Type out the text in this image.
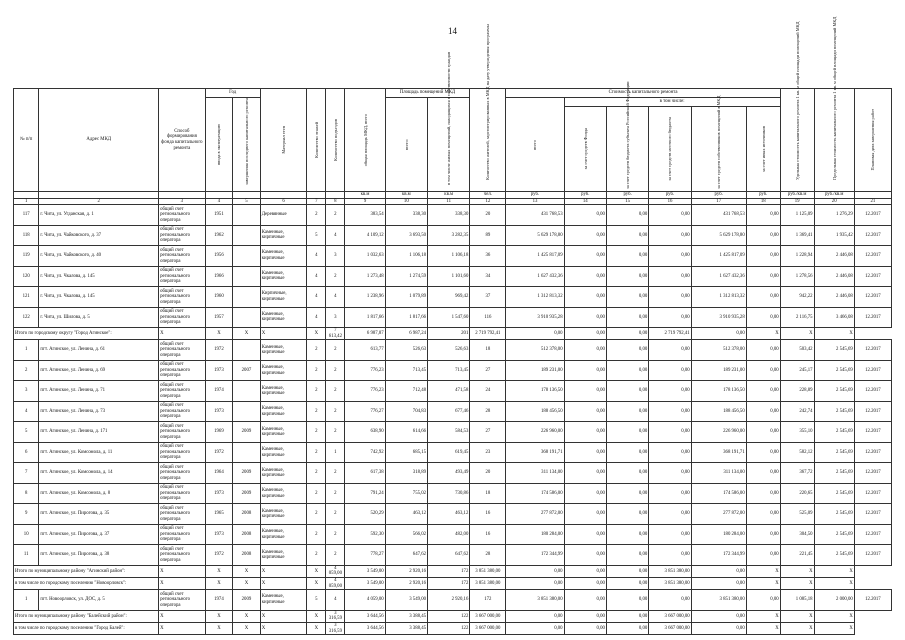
14
№ п/п	Адрес МКД	Способ формирования фонда капитального ремонта	Год		Материал стен	Количество этажей	Количество подъездов	общая площадь МКД, всего	Площадь помещений МКД		Количество жителей, зарегистрированных в МКД на дату утверждения программы	Стоимость капитального ремонта						Удельная стоимость капитального ремонта 1 кв. м общей площади помещений МКД	Предельная стоимость капитального ремонта 1 кв. м общей площади помещений МКД	Плановая дата завершения работ

			ввода в эксплуатацию	завершения последнего капитального ремонта					всего:	в том числе жилых помещений, находящихся в собственности граждан		всего	в том числе:							

													за счет средств Фонда	за счет средств бюджета субъекта Российской Федерации	за счет средств местного бюджета	за счет средств собственников помещений в МКД	за счет иных источников			

								кв.м	кв.м	кв.м	чел.	руб.	руб.	руб.	руб.	руб.	руб.	руб./кв.м	руб./кв.м	
1	2	3	4	5	6	7	8	9	10	11	12	13	14	15	16	17	18	19	20	21
117	г. Чита, ул. Угданская, д. 1	общий счет регионального оператора	1951		Деревянные	2	2	383,54	338,30	338,30	20	431 768,53	0,00	0,00	0,00	431 768,53	0,00	1 125,09	1 276,29	12.2017
118	г. Чита, ул. Чайковского, д. 37	общий счет регионального оператора	1962		Каменные, кирпичные	5	4	4 109,12	3 693,50	3 282,35	89	5 629 178,80	0,00	0,00	0,00	5 629 178,80	0,00	1 369,41	1 935,42	12.2017
119	г. Чита, ул. Чайковского, д. 40	общий счет регионального оператора	1956		Каменные, кирпичные	4	3	1 032,63	1 106,18	1 106,18	36	1 425 817,09	0,00	0,00	0,00	1 425 817,09	0,00	1 228,94	2 446,08	12.2017
120	г. Чита, ул. Чкалова, д. 145	общий счет регионального оператора	1966		Каменные, кирпичные	4	2	1 273,48	1 274,59	1 101,60	34	1 627 432,36	0,00	0,00	0,00	1 627 432,36	0,00	1 278,56	2 446,08	12.2017
121	г. Чита, ул. Чкалова, д. 145	общий счет регионального оператора	1960		Кирпичные, кирпичные	4	4	1 238,96	1 079,89	969,42	37	1 312 813,32	0,00	0,00	0,00	1 312 813,32	0,00	942,22	2 446,08	12.2017
122	г. Чита, ул. Шилова, д. 5	общий счет регионального оператора	1957		Каменные, кирпичные	4	3	1 817,66	1 817,66	1 547,60	116	3 910 935,28	0,00	0,00	0,00	3 910 935,28	0,00	2 116,75	3 466,08	12.2017
Итого по городскому округу "Город Агинское":		X	X	X	X	X	7 613,42	6 987,87	6 987,24	201	2 719 792,41	0,00	0,00	0,00	2 719 792,41	0,00	X	X	X	
1	пгт. Агинское, ул. Ленина, д. 61	общий счет регионального оператора	1972		Каменные, кирпичные	2	2	613,77	526,63	526,63	18	512 378,00	0,00	0,00	0,00	512 378,00	0,00	503,42	2 545,69	12.2017
2	пгт. Агинское, ул. Ленина, д. 69	общий счет регионального оператора	1973	2007	Каменные, кирпичные	2	2	776,23	713,45	713,45	27	189 231,00	0,00	0,00	0,00	189 231,00	0,00	245,17	2 545,69	12.2017
3	пгт. Агинское, ул. Ленина, д. 71	общий счет регионального оператора	1974		Каменные, кирпичные	2	2	776,23	712,48	471,58	24	178 136,50	0,00	0,00	0,00	178 136,50	0,00	228,89	2 545,69	12.2017
4	пгт. Агинское, ул. Ленина, д. 73	общий счет регионального оператора	1973		Каменные, кирпичные	2	2	776,27	704,83	677,46	28	188 456,50	0,00	0,00	0,00	188 456,50	0,00	242,74	2 545,69	12.2017
5	пгт. Агинское, ул. Ленина, д. 171	общий счет регионального оператора	1969	2009	Каменные, кирпичные	2	2	638,90	614,66	584,53	27	226 960,00	0,00	0,00	0,00	226 960,00	0,00	355,10	2 545,69	12.2017
6	пгт. Агинское, ул. Комсомола, д. 11	общий счет регионального оператора	1972		Каменные, кирпичные	2	1	742,92	685,15	619,45	23	368 191,71	0,00	0,00	0,00	368 191,71	0,00	582,12	2 545,69	12.2017
7	пгт. Агинское, ул. Комсомола, д. 14	общий счет регионального оператора	1964	2009	Каменные, кирпичные	2	2	617,38	318,89	493,49	20	311 134,00	0,00	0,00	0,00	311 134,00	0,00	367,72	2 545,69	12.2017
8	пгт. Агинское, ул. Комсомола, д. 8	общий счет регионального оператора	1973	2009	Каменные, кирпичные	2	2	791,24	755,02	730,86	18	174 586,00	0,00	0,00	0,00	174 586,00	0,00	220,65	2 545,69	12.2017
9	пгт. Агинское, ул. Пирогова, д. 35	общий счет регионального оператора	1965	2008	Каменные, кирпичные	2	2	520,29	463,12	463,12	16	277 872,00	0,00	0,00	0,00	277 872,00	0,00	525,09	2 545,69	12.2017
10	пгт. Агинское, ул. Пирогова, д. 37	общий счет регионального оператора	1973	2008	Каменные, кирпичные	2	2	592,30	566,02	482,00	16	180 284,00	0,00	0,00	0,00	180 284,00	0,00	304,50	2 545,69	12.2017
11	пгт. Агинское, ул. Пирогова, д. 38	общий счет регионального оператора	1972	2008	Каменные, кирпичные	2	2	778,27	647,62	647,62	28	172 344,99	0,00	0,00	0,00	172 344,99	0,00	221,45	2 545,69	12.2017
Итого по муниципальному району "Агинский район":		X	X	X	X	X	4 059,00	3 549,00	2 920,16	172	3 851 380,00	0,00	0,00	0,00	3 851 380,00	0,00	X	X	X	
в том числе по городскому поселению "Новоорловск":		X	X	X	X	X	4 059,00	3 549,00	2 920,16	172	3 851 380,00	0,00	0,00	0,00	3 851 380,00	0,00	X	X	X	
1	пгт. Новоорловск, ул. ДОС, д. 5	общий счет регионального оператора	1974	2009	Каменные, кирпичные	5	4	4 059,00	3 549,00	2 920,16	172	3 851 380,00	0,00	0,00	0,00	3 851 380,00	0,00	1 085,18	2 000,00	12.2017
Итого по муниципальному району "Балейский район":		X	X	X	X	X	3 316,59	3 644,56	3 388,45	122	3 667 000,00	0,00	0,00	0,00	3 667 000,00	0,00	X	X	X	
в том числе по городскому поселению "Город Балей":		X	X	X	X	X	3 316,59	3 644,56	3 388,45	122	3 667 000,00	0,00	0,00	0,00	3 667 000,00	0,00	X	X	X	
